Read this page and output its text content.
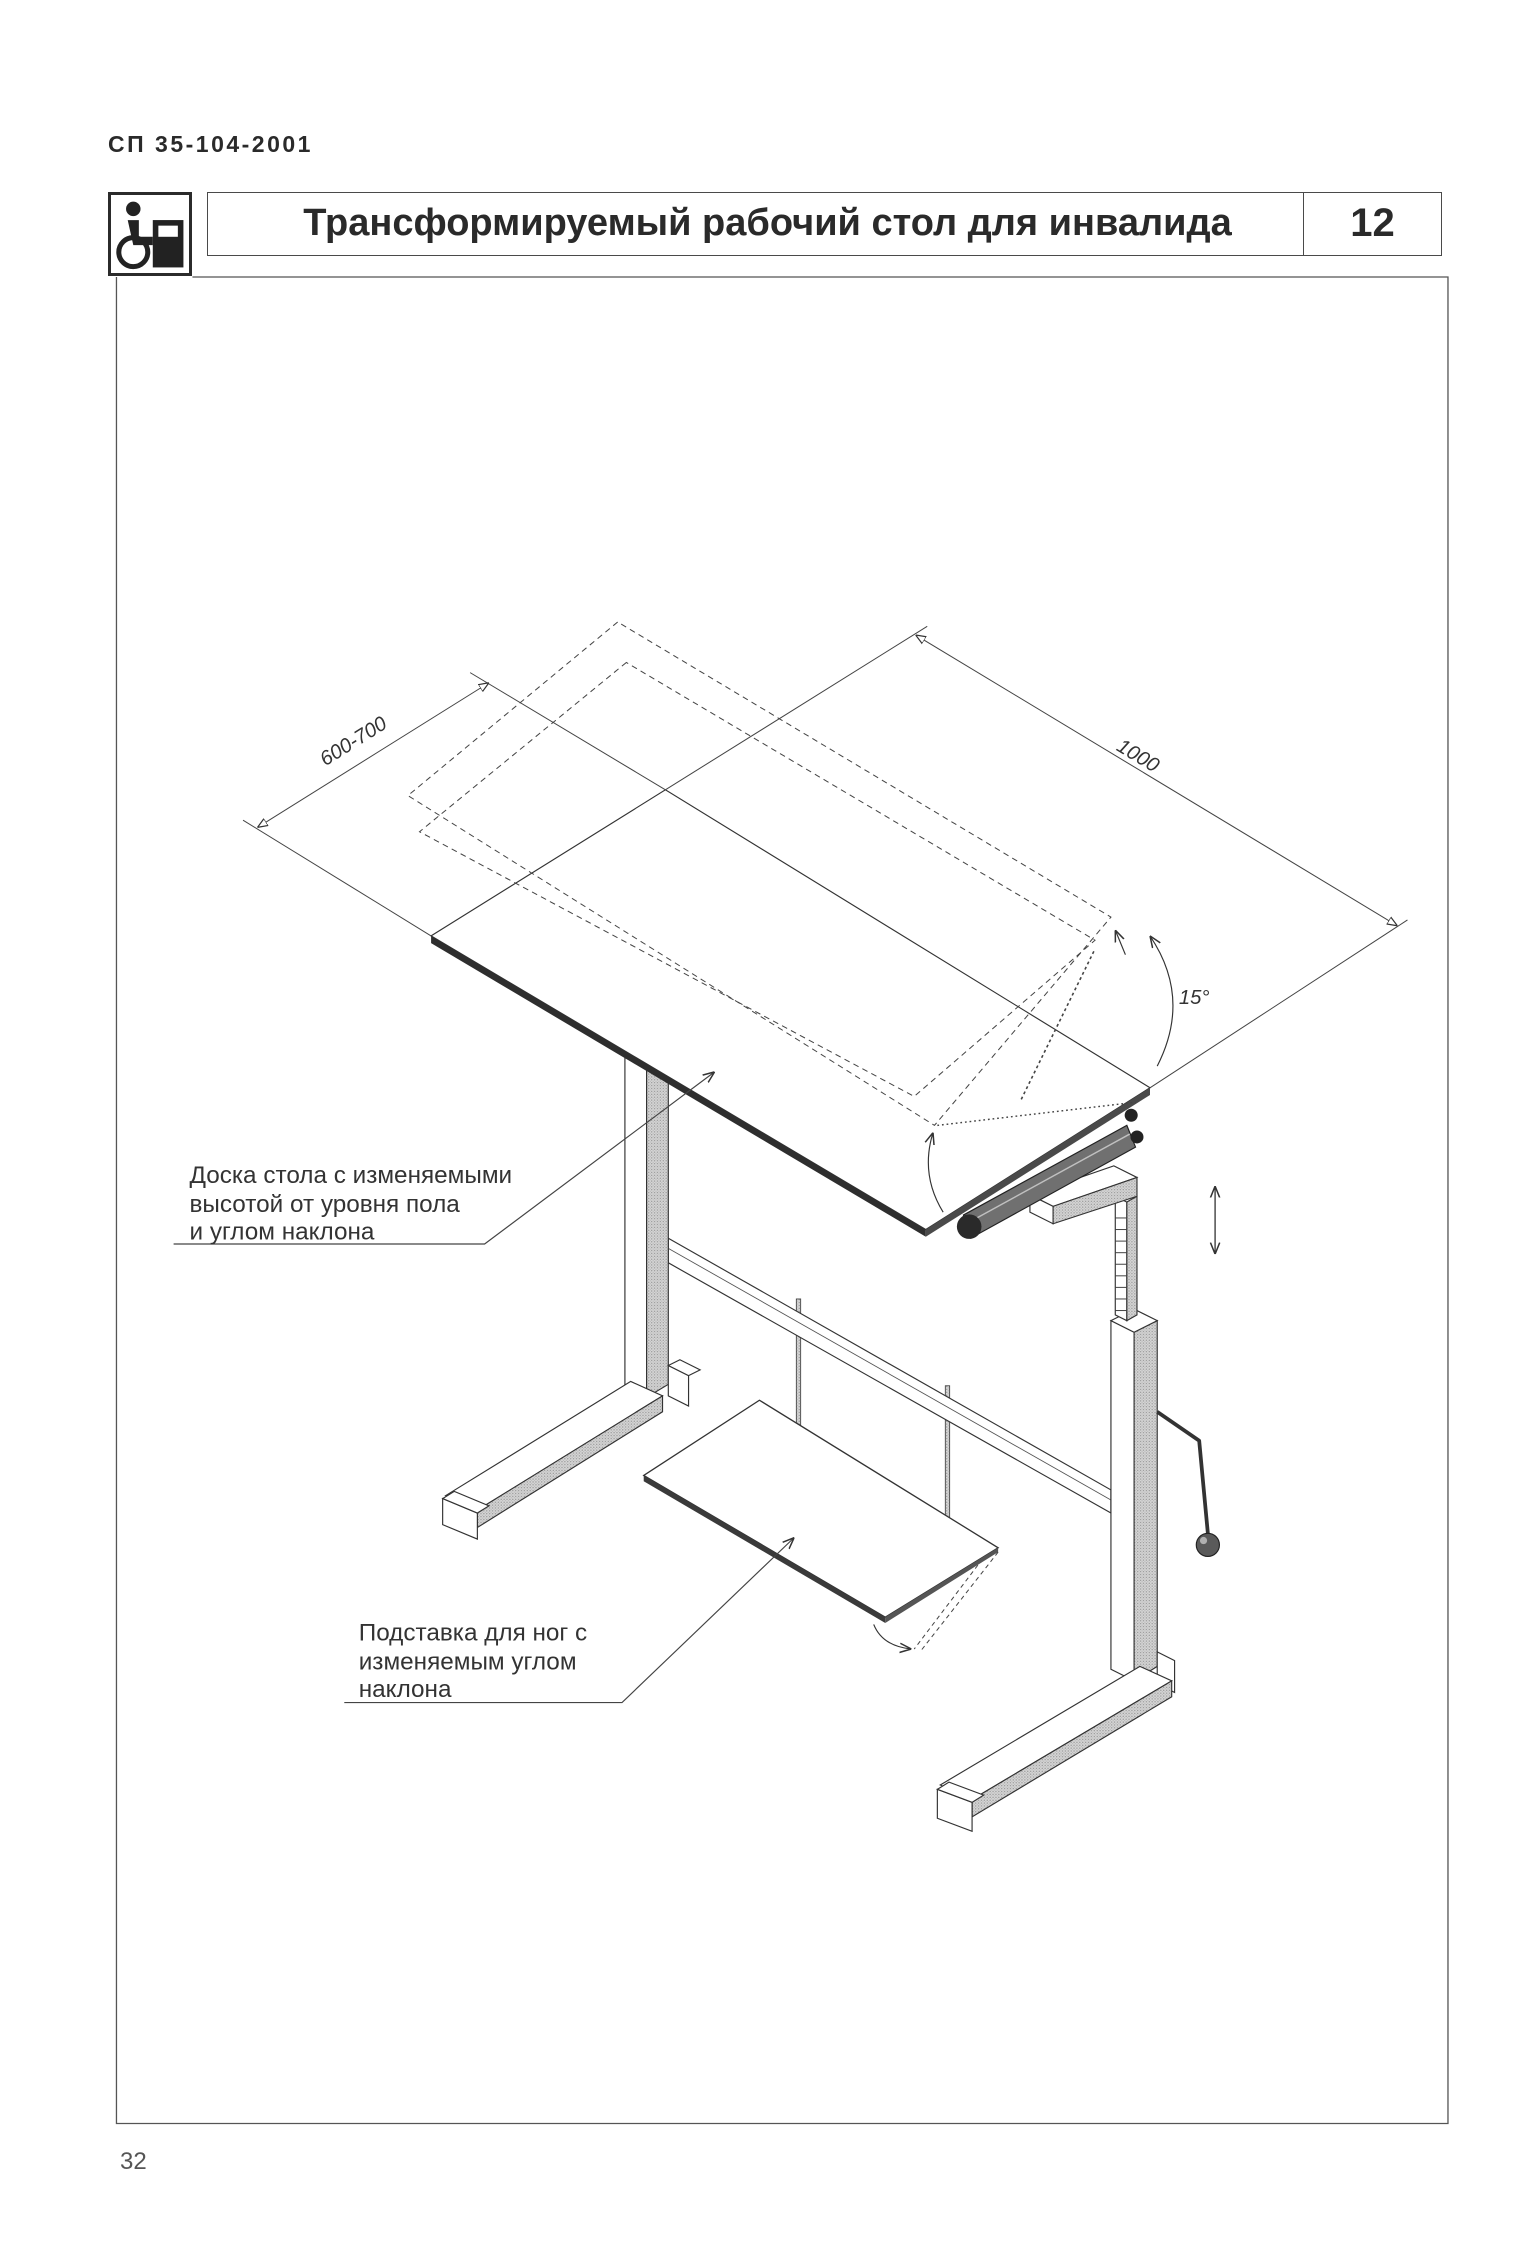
15°
1000
600-700
Доска стола с изменяемыми
высотой от уровня пола
и углом наклона
Подставка для ног с
изменяемым углом
наклона
СП 35-104-2001
Трансформируемый рабочий стол для инвалида	12
32
